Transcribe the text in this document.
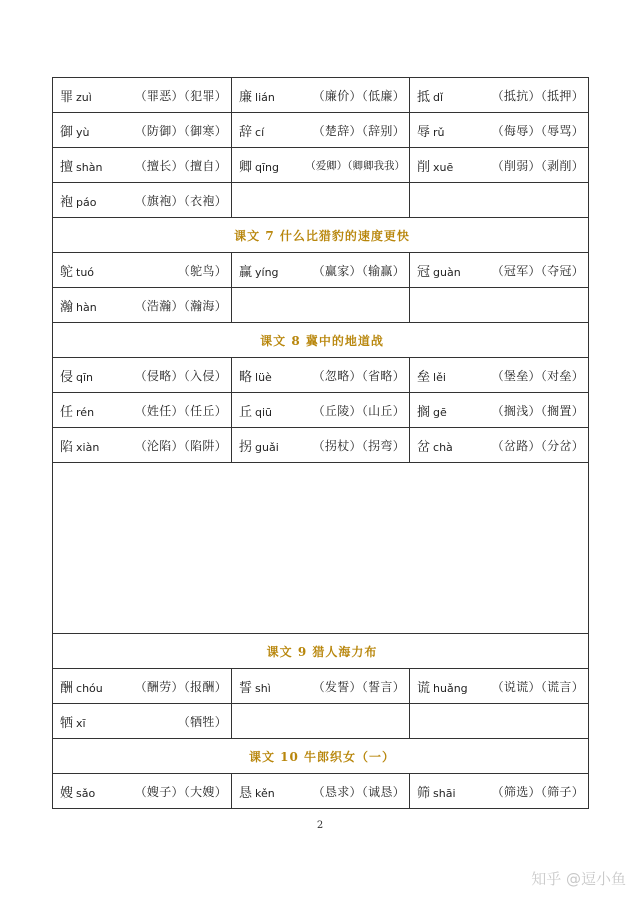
罪 zuì （罪恶）（犯罪）	廉 lián （廉价）（低廉）	抵 dǐ （抵抗）（抵押）

御 yù （防御）（御寒）	辞 cí （楚辞）（辞别）	辱 rǔ （侮辱）（辱骂）

擅 shàn （擅长）（擅自）	卿 qīng （爱卿）（卿卿我我）	削 xuē （削弱）（剥削）

袍 páo （旗袍）（衣袍）		

课文 7 什么比猎豹的速度更快		

鸵 tuó （鸵鸟）	赢 yíng （赢家）（输赢）	冠 guàn （冠军）（夺冠）

瀚 hàn （浩瀚）（瀚海）		

课文 8 冀中的地道战		

侵 qīn （侵略）（入侵）	略 lüè （忽略）（省略）	垒 lěi （堡垒）（对垒）

任 rén （姓任）（任丘）	丘 qiū （丘陵）（山丘）	搁 gē （搁浅）（搁置）

陷 xiàn （沦陷）（陷阱）	拐 guǎi （拐杖）（拐弯）	岔 chà （岔路）（分岔）

课文 9 猎人海力布		

酬 chóu （酬劳）（报酬）	誓 shì （发誓）（誓言）	谎 huǎng （说谎）（谎言）

牺 xī （牺牲）		

课文 10 牛郎织女（一）		

嫂 sǎo （嫂子）（大嫂）	恳 kěn （恳求）（诚恳）	筛 shāi （筛选）（筛子）
2
知乎 @逗小鱼
